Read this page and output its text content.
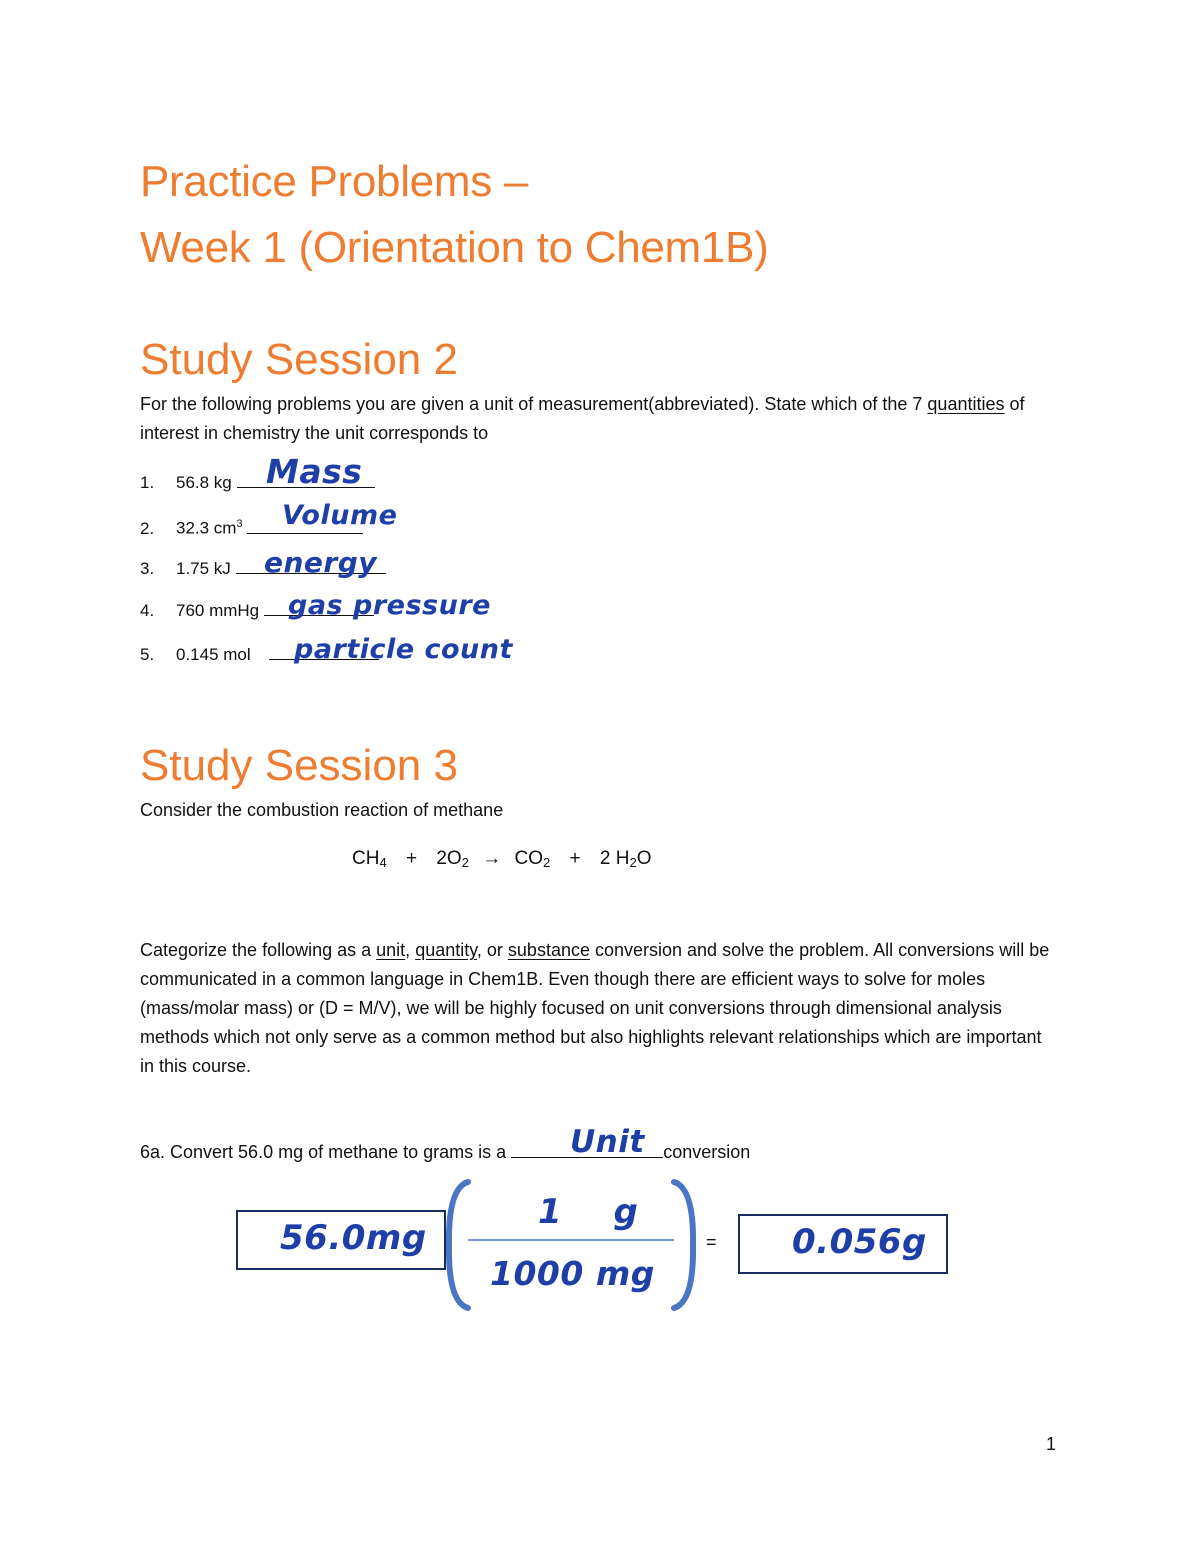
Practice Problems –
Week 1 (Orientation to Chem1B)
Study Session 2
For the following problems you are given a unit of measurement(abbreviated). State which of the 7 quantities of interest in chemistry the unit corresponds to
1. 56.8 kg	Mass
2. 32.3 $cm^3$	Volume
3. 1.75 kJ	energy
4. 760 mmHg	gas pressure
5. 0.145 mol	particle count
Study Session 3
Consider the combustion reaction of methane
$CH_4 + 2O_2 \to CO_2 + 2$ $H_2O$
Categorize the following as a unit, quantity, or substance conversion and solve the problem. All conversions will be communicated in a common language in Chem1B. Even though there are efficient ways to solve for moles (mass/molar mass) or (D = M/V), we will be highly focused on unit conversions through dimensional analysis methods which not only serve as a common method but also highlights relevant relationships which are important in this course.
6a. Convert 56.0 mg of methane to grams is a	conversion
Unit
56.0mg
1 g
1000 mg
= 0.056g
1
